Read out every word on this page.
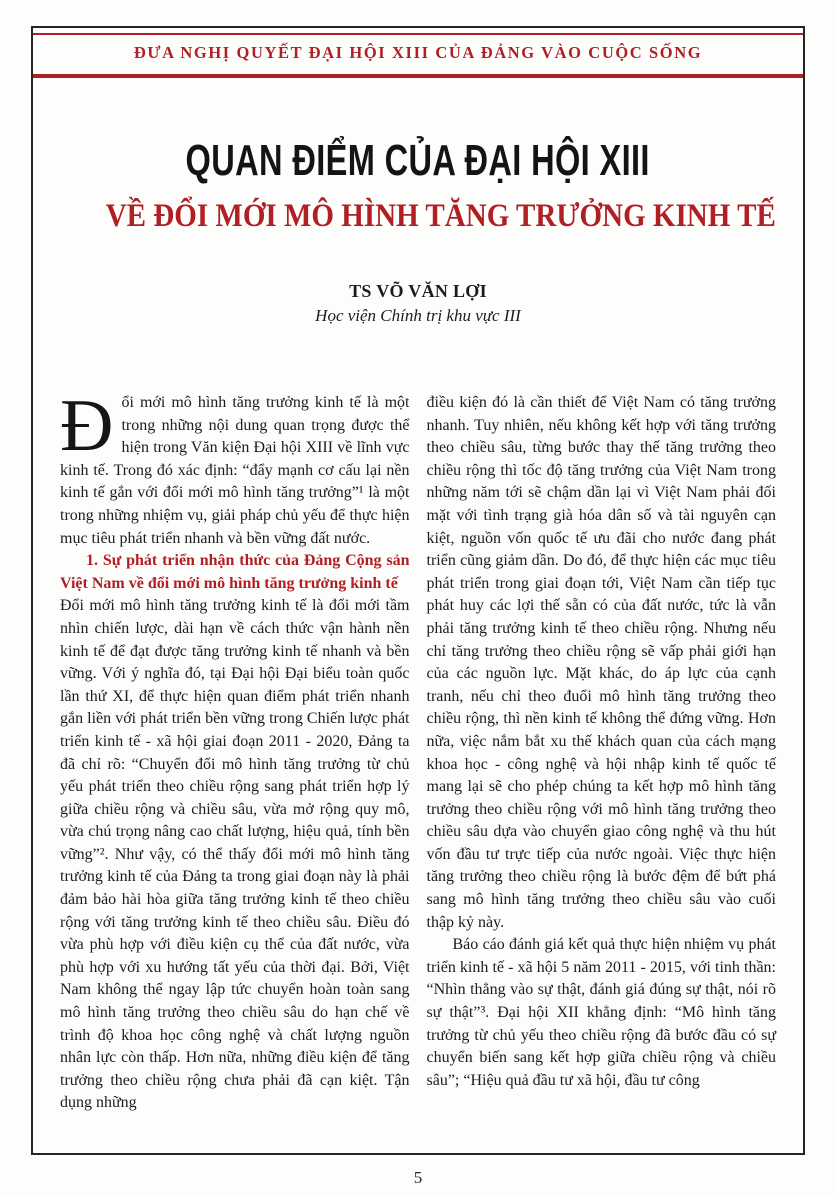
ĐƯA NGHỊ QUYẾT ĐẠI HỘI XIII CỦA ĐẢNG VÀO CUỘC SỐNG
QUAN ĐIỂM CỦA ĐẠI HỘI XIII
VỀ ĐỔI MỚI MÔ HÌNH TĂNG TRƯỞNG KINH TẾ
TS VÕ VĂN LỢI
Học viện Chính trị khu vực III

Đổi mới mô hình tăng trưởng kinh tế là một trong những nội dung quan trọng được thể hiện trong Văn kiện Đại hội XIII về lĩnh vực kinh tế. Trong đó xác định: “đẩy mạnh cơ cấu lại nền kinh tế gắn với đổi mới mô hình tăng trưởng”¹ là một trong những nhiệm vụ, giải pháp chủ yếu để thực hiện mục tiêu phát triển nhanh và bền vững đất nước.

1. Sự phát triển nhận thức của Đảng Cộng sản Việt Nam về đổi mới mô hình tăng trưởng kinh tế

Đổi mới mô hình tăng trưởng kinh tế là đổi mới tầm nhìn chiến lược, dài hạn về cách thức vận hành nền kinh tế để đạt được tăng trưởng kinh tế nhanh và bền vững. Với ý nghĩa đó, tại Đại hội Đại biểu toàn quốc lần thứ XI, để thực hiện quan điểm phát triển nhanh gắn liền với phát triển bền vững trong Chiến lược phát triển kinh tế - xã hội giai đoạn 2011 - 2020, Đảng ta đã chỉ rõ: “Chuyển đổi mô hình tăng trưởng từ chủ yếu phát triển theo chiều rộng sang phát triển hợp lý giữa chiều rộng và chiều sâu, vừa mở rộng quy mô, vừa chú trọng nâng cao chất lượng, hiệu quả, tính bền vững”². Như vậy, có thể thấy đổi mới mô hình tăng trưởng kinh tế của Đảng ta trong giai đoạn này là phải đảm bảo hài hòa giữa tăng trưởng kinh tế theo chiều rộng với tăng trưởng kinh tế theo chiều sâu. Điều đó vừa phù hợp với điều kiện cụ thể của đất nước, vừa phù hợp với xu hướng tất yếu của thời đại. Bởi, Việt Nam không thể ngay lập tức chuyển hoàn toàn sang mô hình tăng trưởng theo chiều sâu do hạn chế về trình độ khoa học công nghệ và chất lượng nguồn nhân lực còn thấp. Hơn nữa, những điều kiện để tăng trưởng theo chiều rộng chưa phải đã cạn kiệt. Tận dụng những

điều kiện đó là cần thiết để Việt Nam có tăng trưởng nhanh. Tuy nhiên, nếu không kết hợp với tăng trưởng theo chiều sâu, từng bước thay thế tăng trưởng theo chiều rộng thì tốc độ tăng trưởng của Việt Nam trong những năm tới sẽ chậm dần lại vì Việt Nam phải đối mặt với tình trạng già hóa dân số và tài nguyên cạn kiệt, nguồn vốn quốc tế ưu đãi cho nước đang phát triển cũng giảm dần. Do đó, để thực hiện các mục tiêu phát triển trong giai đoạn tới, Việt Nam cần tiếp tục phát huy các lợi thế sẵn có của đất nước, tức là vẫn phải tăng trưởng kinh tế theo chiều rộng. Nhưng nếu chỉ tăng trưởng theo chiều rộng sẽ vấp phải giới hạn của các nguồn lực. Mặt khác, do áp lực của cạnh tranh, nếu chỉ theo đuổi mô hình tăng trưởng theo chiều rộng, thì nền kinh tế không thể đứng vững. Hơn nữa, việc nắm bắt xu thế khách quan của cách mạng khoa học - công nghệ và hội nhập kinh tế quốc tế mang lại sẽ cho phép chúng ta kết hợp mô hình tăng trưởng theo chiều rộng với mô hình tăng trưởng theo chiều sâu dựa vào chuyển giao công nghệ và thu hút vốn đầu tư trực tiếp của nước ngoài. Việc thực hiện tăng trưởng theo chiều rộng là bước đệm để bứt phá sang mô hình tăng trưởng theo chiều sâu vào cuối thập kỷ này.

Báo cáo đánh giá kết quả thực hiện nhiệm vụ phát triển kinh tế - xã hội 5 năm 2011 - 2015, với tinh thần: “Nhìn thẳng vào sự thật, đánh giá đúng sự thật, nói rõ sự thật”³. Đại hội XII khẳng định: “Mô hình tăng trưởng từ chủ yếu theo chiều rộng đã bước đầu có sự chuyển biến sang kết hợp giữa chiều rộng và chiều sâu”; “Hiệu quả đầu tư xã hội, đầu tư công

5
